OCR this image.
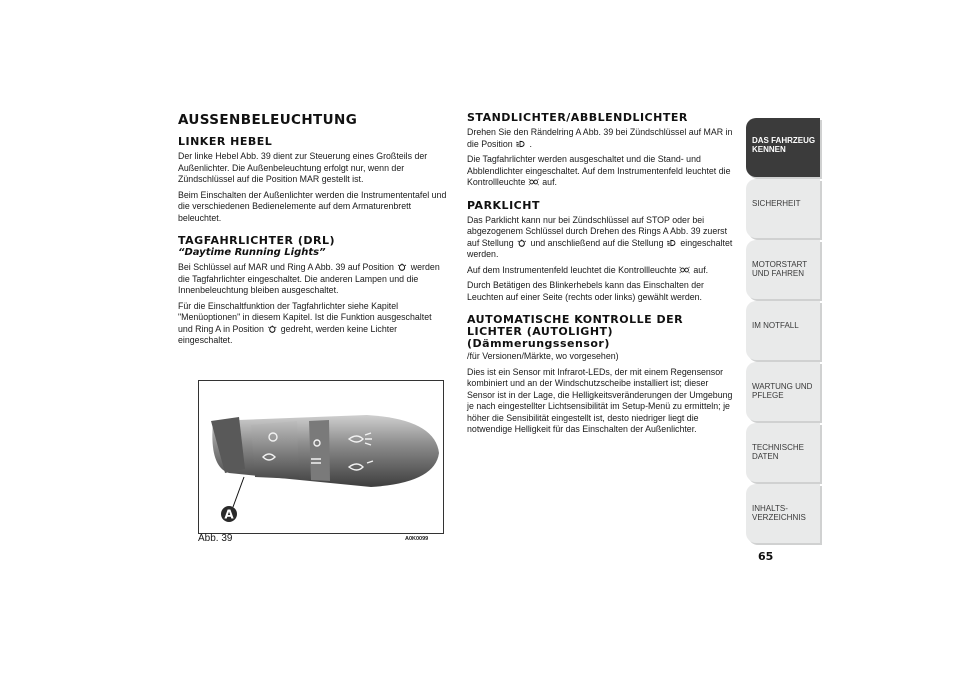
AUSSENBELEUCHTUNG
LINKER HEBEL

Der linke Hebel Abb. 39 dient zur Steuerung eines Großteils der Außenlichter. Die Außenbeleuchtung erfolgt nur, wenn der Zündschlüssel auf die Position MAR gestellt ist.

Beim Einschalten der Außenlichter werden die Instrumententafel und die verschiedenen Bedienelemente auf dem Armaturenbrett beleuchtet.

TAGFAHRLICHTER (DRL)
“Daytime Running Lights”

Bei Schlüssel auf MAR und Ring A Abb. 39 auf Position werden die Tagfahrlichter eingeschaltet. Die anderen Lampen und die Innenbeleuchtung bleiben ausgeschaltet.

Für die Einschaltfunktion der Tagfahrlichter siehe Kapitel "Menüoptionen" in diesem Kapitel. Ist die Funktion ausgeschaltet und Ring A in Position gedreht, werden keine Lichter eingeschaltet.

A
Abb. 39	A0K0099
STANDLICHTER/ABBLENDLICHTER

Drehen Sie den Rändelring A Abb. 39 bei Zündschlüssel auf MAR in die Position .

Die Tagfahrlichter werden ausgeschaltet und die Stand- und Abblendlichter eingeschaltet. Auf dem Instrumentenfeld leuchtet die Kontrollleuchte auf.

PARKLICHT

Das Parklicht kann nur bei Zündschlüssel auf STOP oder bei abgezogenem Schlüssel durch Drehen des Rings A Abb. 39 zuerst auf Stellung und anschließend auf die Stellung eingeschaltet werden.

Auf dem Instrumentenfeld leuchtet die Kontrollleuchte auf.

Durch Betätigen des Blinkerhebels kann das Einschalten der Leuchten auf einer Seite (rechts oder links) gewählt werden.

AUTOMATISCHE KONTROLLE DER
LICHTER (AUTOLIGHT)
(Dämmerungssensor)

/für Versionen/Märkte, wo vorgesehen)

Dies ist ein Sensor mit Infrarot-LEDs, der mit einem Regensensor kombiniert und an der Windschutzscheibe installiert ist; dieser Sensor ist in der Lage, die Helligkeitsveränderungen der Umgebung je nach eingestellter Lichtsensibilität im Setup-Menü zu ermitteln; je höher die Sensibilität eingestellt ist, desto niedriger liegt die notwendige Helligkeit für das Einschalten der Außenlichter.

DAS FAHRZEUG KENNEN
SICHERHEIT
MOTORSTART UND FAHREN
IM NOTFALL
WARTUNG UND PFLEGE
TECHNISCHE DATEN
INHALTS- VERZEICHNIS
65
